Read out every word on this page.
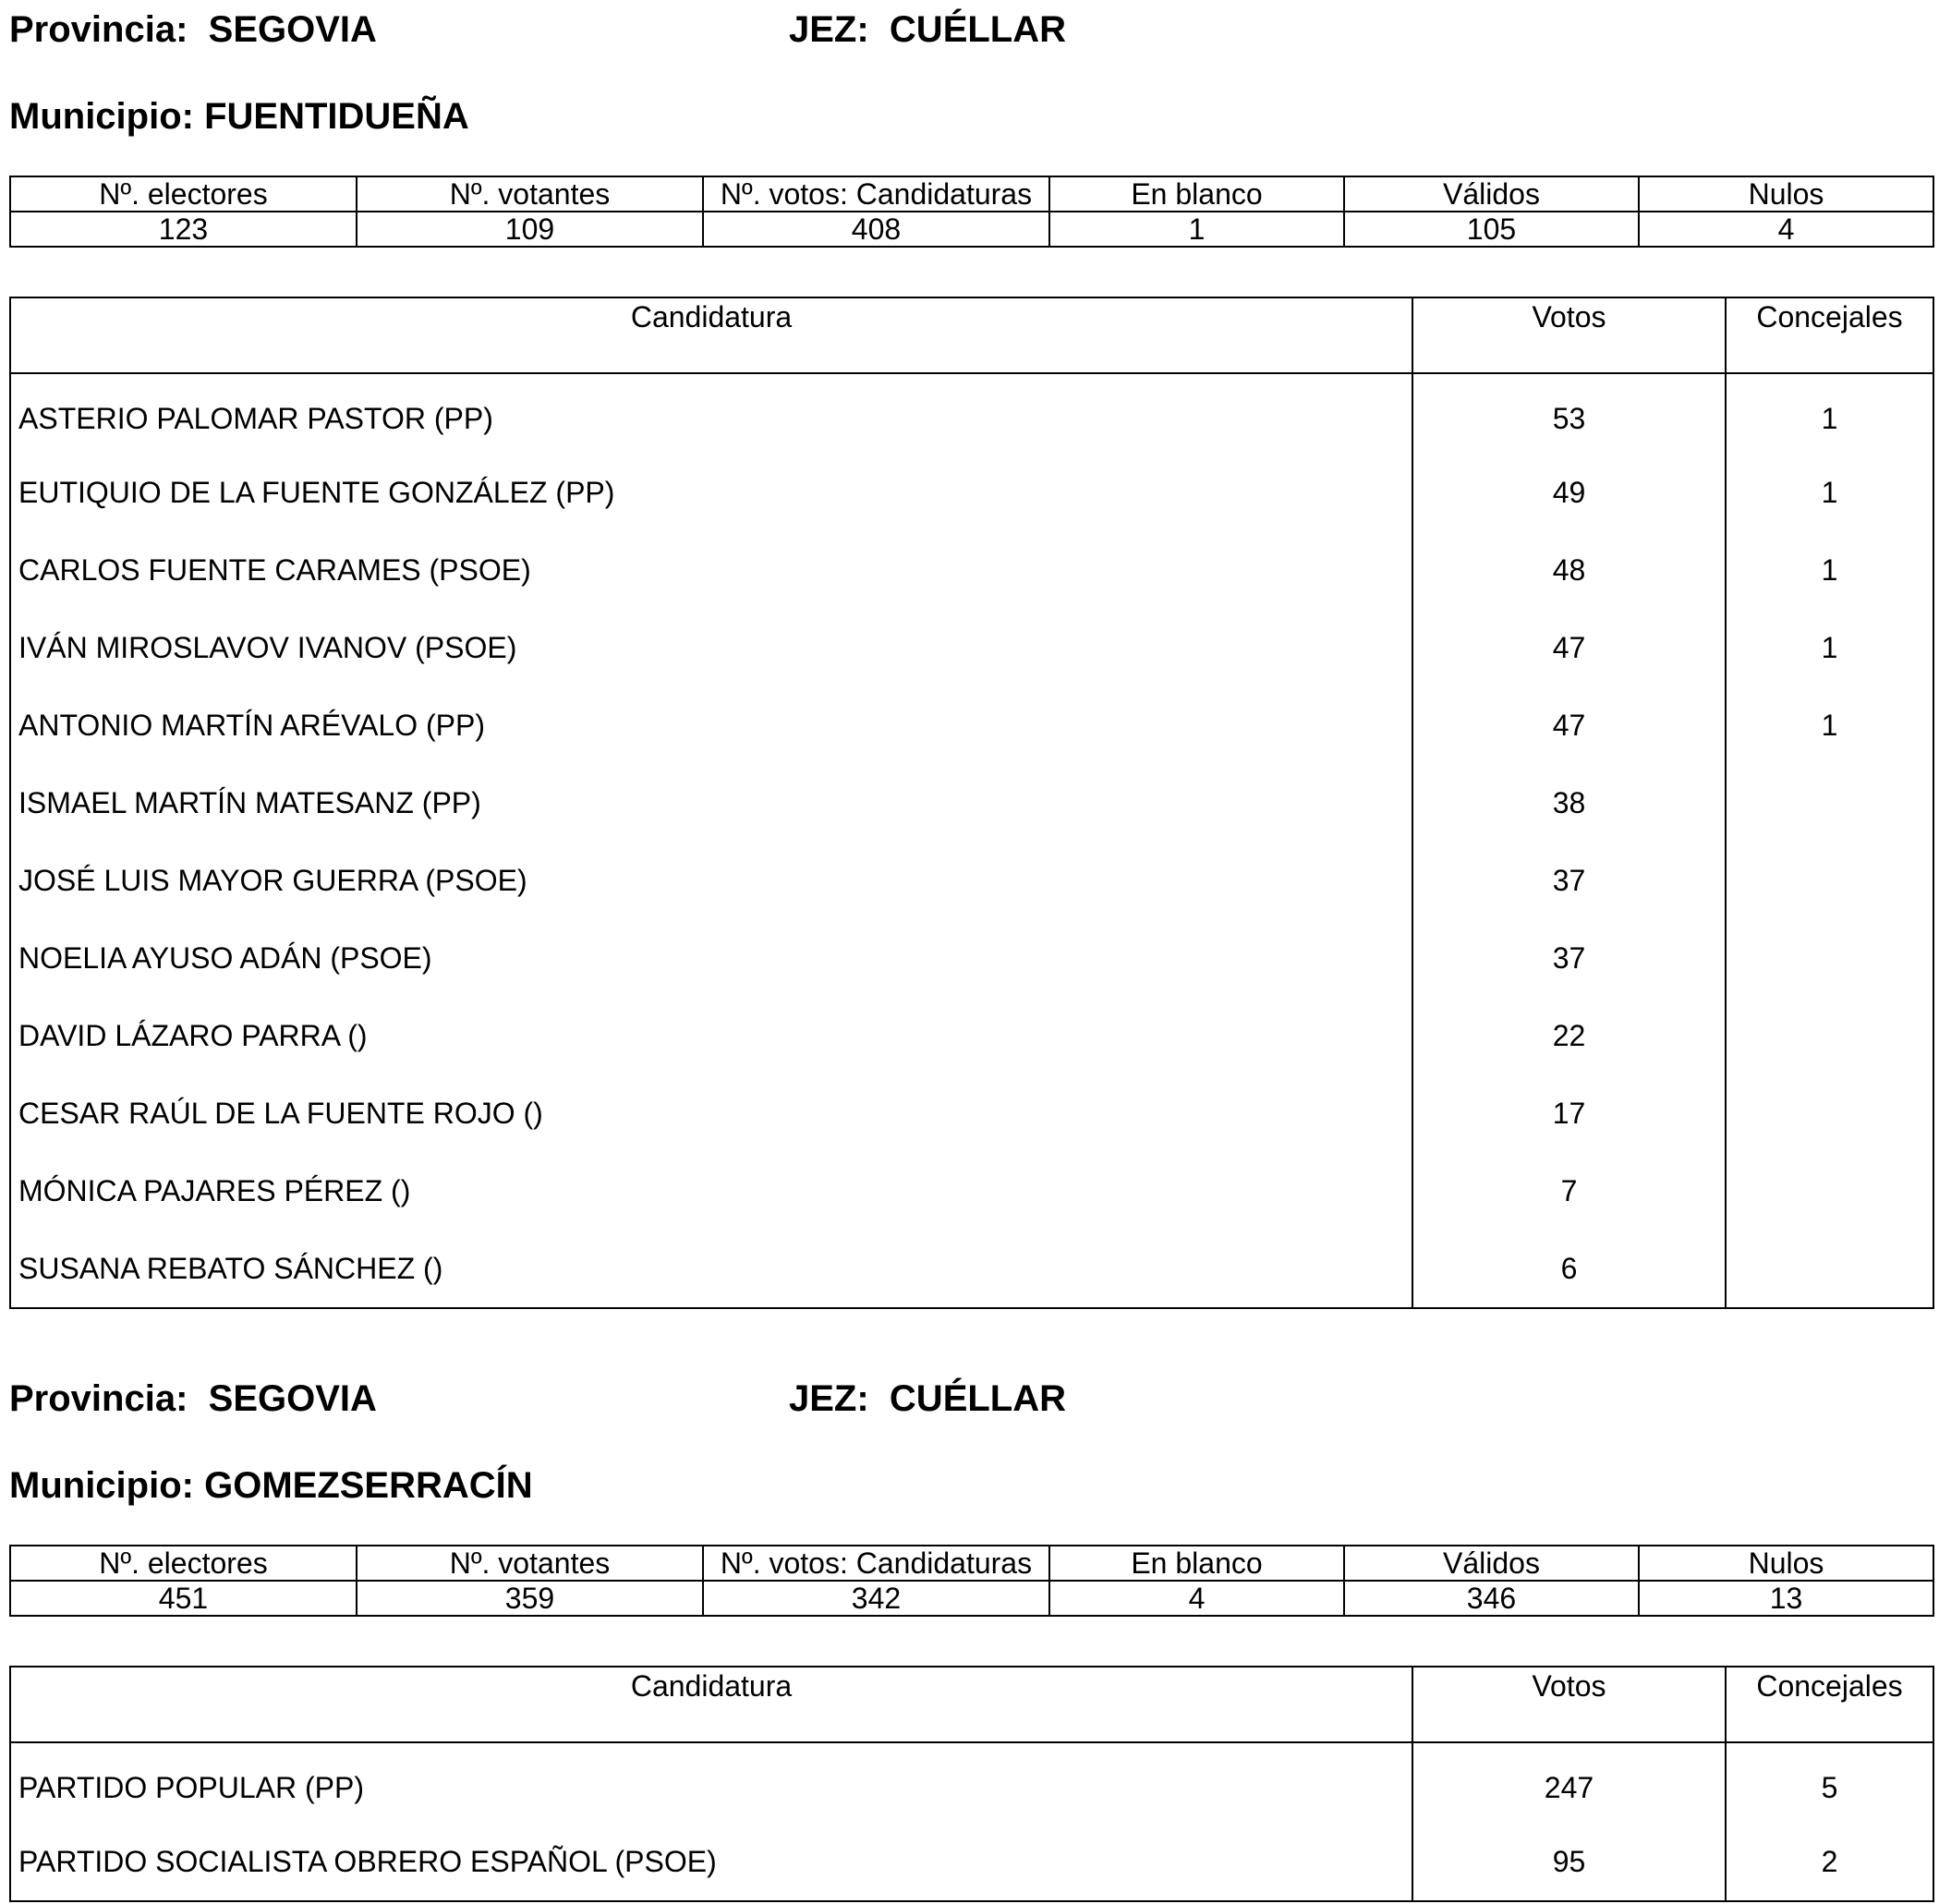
Provincia: SEGOVIA	JEZ: CUÉLLAR
Municipio: FUENTIDUEÑA
Nº. electores	Nº. votantes	Nº. votos: Candidaturas	En blanco	Válidos	Nulos
123	109	408	1	105	4
Candidatura	Votos	Concejales
ASTERIO PALOMAR PASTOR (PP)	53	1
EUTIQUIO DE LA FUENTE GONZÁLEZ (PP)	49	1
CARLOS FUENTE CARAMES (PSOE)	48	1
IVÁN MIROSLAVOV IVANOV (PSOE)	47	1
ANTONIO MARTÍN ARÉVALO (PP)	47	1
ISMAEL MARTÍN MATESANZ (PP)	38	
JOSÉ LUIS MAYOR GUERRA (PSOE)	37	
NOELIA AYUSO ADÁN (PSOE)	37	
DAVID LÁZARO PARRA ()	22	
CESAR RAÚL DE LA FUENTE ROJO ()	17	
MÓNICA PAJARES PÉREZ ()	7	
SUSANA REBATO SÁNCHEZ ()	6	
Provincia: SEGOVIA	JEZ: CUÉLLAR
Municipio: GOMEZSERRACÍN
Nº. electores	Nº. votantes	Nº. votos: Candidaturas	En blanco	Válidos	Nulos
451	359	342	4	346	13
Candidatura	Votos	Concejales
PARTIDO POPULAR (PP)	247	5
PARTIDO SOCIALISTA OBRERO ESPAÑOL (PSOE)	95	2
